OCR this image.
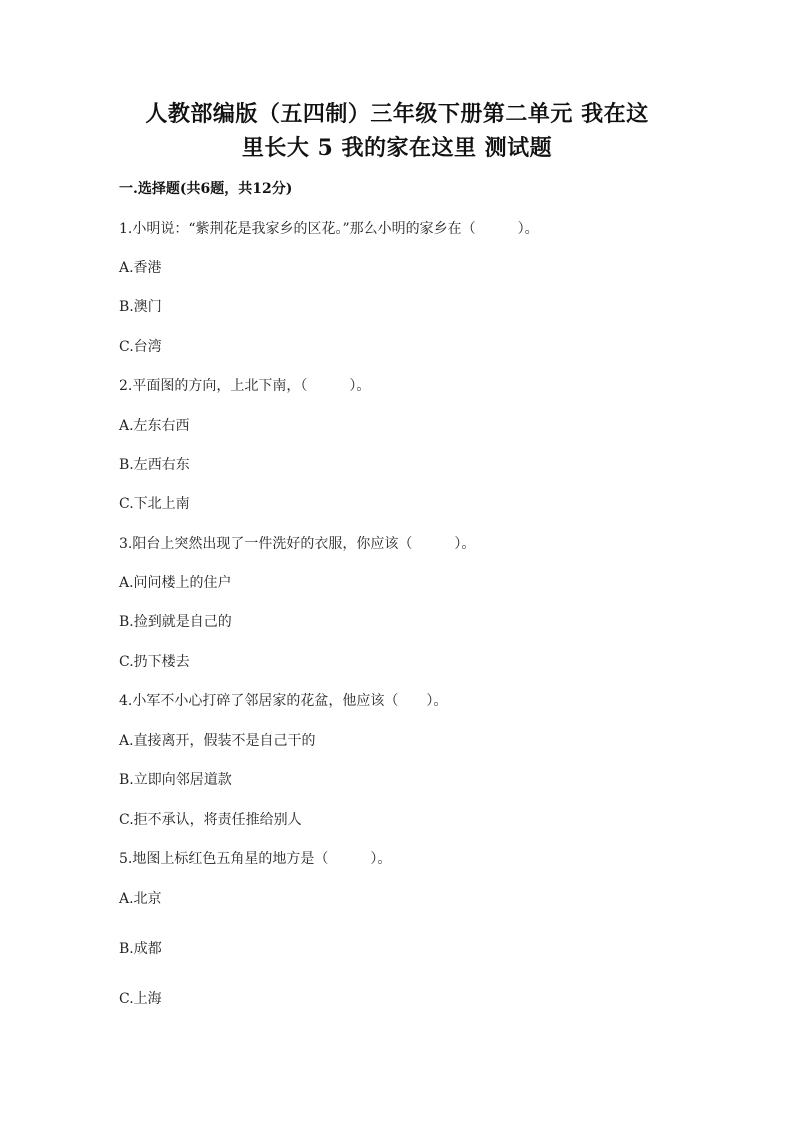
人教部编版（五四制）三年级下册第二单元 我在这
里长大 5 我的家在这里 测试题
一.选择题(共6题，共12分)
1.小明说：“紫荆花是我家乡的区花。”那么小明的家乡在（　　　）。
A.香港
B.澳门
C.台湾
2.平面图的方向，上北下南，（　　　）。
A.左东右西
B.左西右东
C.下北上南
3.阳台上突然出现了一件洗好的衣服，你应该（　　　）。
A.问问楼上的住户
B.捡到就是自己的
C.扔下楼去
4.小军不小心打碎了邻居家的花盆，他应该（　　）。
A.直接离开，假装不是自己干的
B.立即向邻居道款
C.拒不承认，将责任推给别人
5.地图上标红色五角星的地方是（　　　）。
A.北京
B.成都
C.上海
